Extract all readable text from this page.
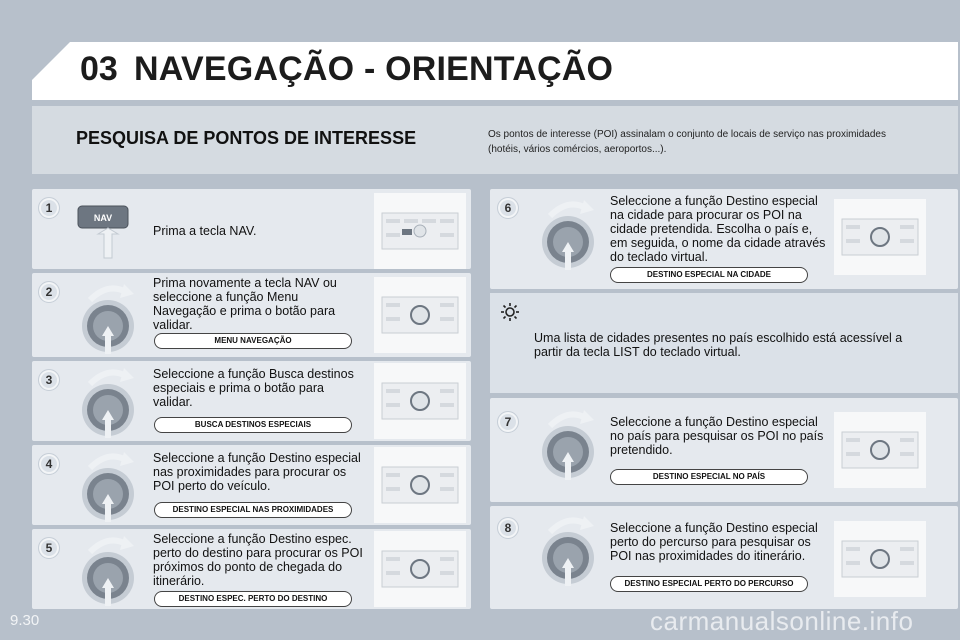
03 NAVEGAÇÃO - ORIENTAÇÃO
PESQUISA DE PONTOS DE INTERESSE	Os pontos de interesse (POI) assinalam o conjunto de locais de serviço nas proximidades (hotéis, vários comércios, aeroportos...).
1
NAV
Prima a tecla NAV.
2
Prima novamente a tecla NAV ou seleccione a função Menu Navegação e prima o botão para validar.
MENU NAVEGAÇÃO
3	Seleccione a função Busca destinos especiais e prima o botão para validar.
BUSCA DESTINOS ESPECIAIS
4	Seleccione a função Destino especial nas proximidades para procurar os POI perto do veículo.
DESTINO ESPECIAL NAS PROXIMIDADES
5
Seleccione a função Destino espec. perto do destino para procurar os POI próximos do ponto de chegada do itinerário.
DESTINO ESPEC. PERTO DO DESTINO
6	Seleccione a função Destino especial na cidade para procurar os POI na cidade pretendida. Escolha o país e, em seguida, o nome da cidade através do teclado virtual.
DESTINO ESPECIAL NA CIDADE
Uma lista de cidades presentes no país escolhido está acessível a partir da tecla LIST do teclado virtual.
7	Seleccione a função Destino especial no país para pesquisar os POI no país pretendido.
DESTINO ESPECIAL NO PAÍS
8	Seleccione a função Destino especial perto do percurso para pesquisar os POI nas proximidades do itinerário.
DESTINO ESPECIAL PERTO DO PERCURSO
9.30	carmanualsonline.info
